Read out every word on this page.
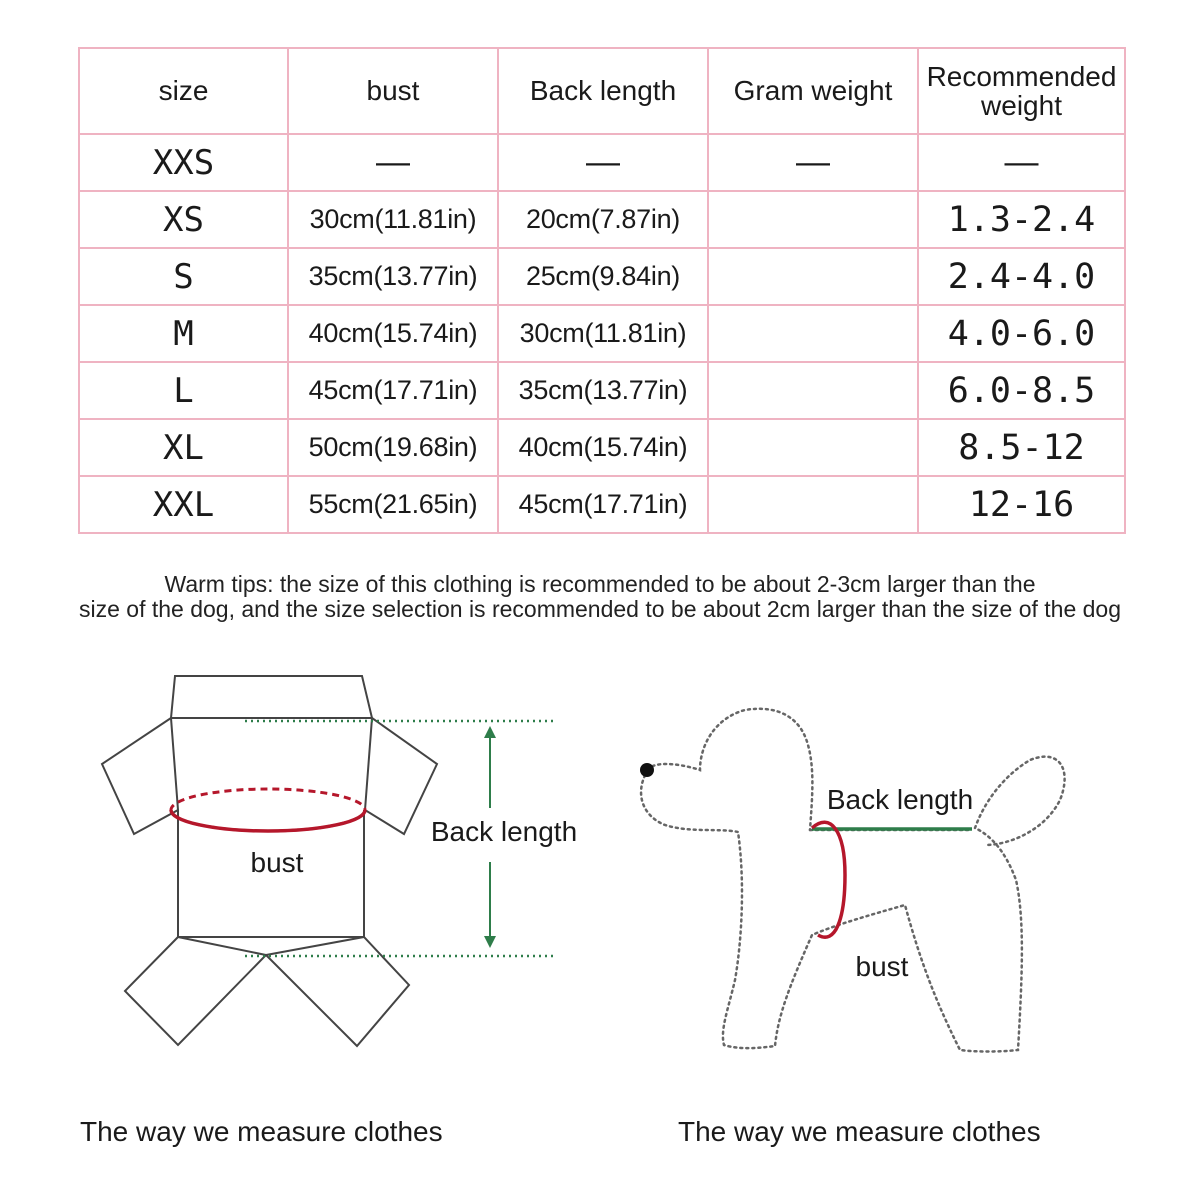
size	bust	Back length	Gram weight	Recommended weight
XXS	—	—	—	—
XS	30cm(11.81in)	20cm(7.87in)		1.3-2.4
S	35cm(13.77in)	25cm(9.84in)		2.4-4.0
M	40cm(15.74in)	30cm(11.81in)		4.0-6.0
L	45cm(17.71in)	35cm(13.77in)		6.0-8.5
XL	50cm(19.68in)	40cm(15.74in)		8.5-12
XXL	55cm(21.65in)	45cm(17.71in)		12-16
Warm tips: the size of this clothing is recommended to be about 2-3cm larger than the
size of the dog, and the size selection is recommended to be about 2cm larger than the size of the dog
bust
Back length
Back length
bust
The way we measure clothes	The way we measure clothes
